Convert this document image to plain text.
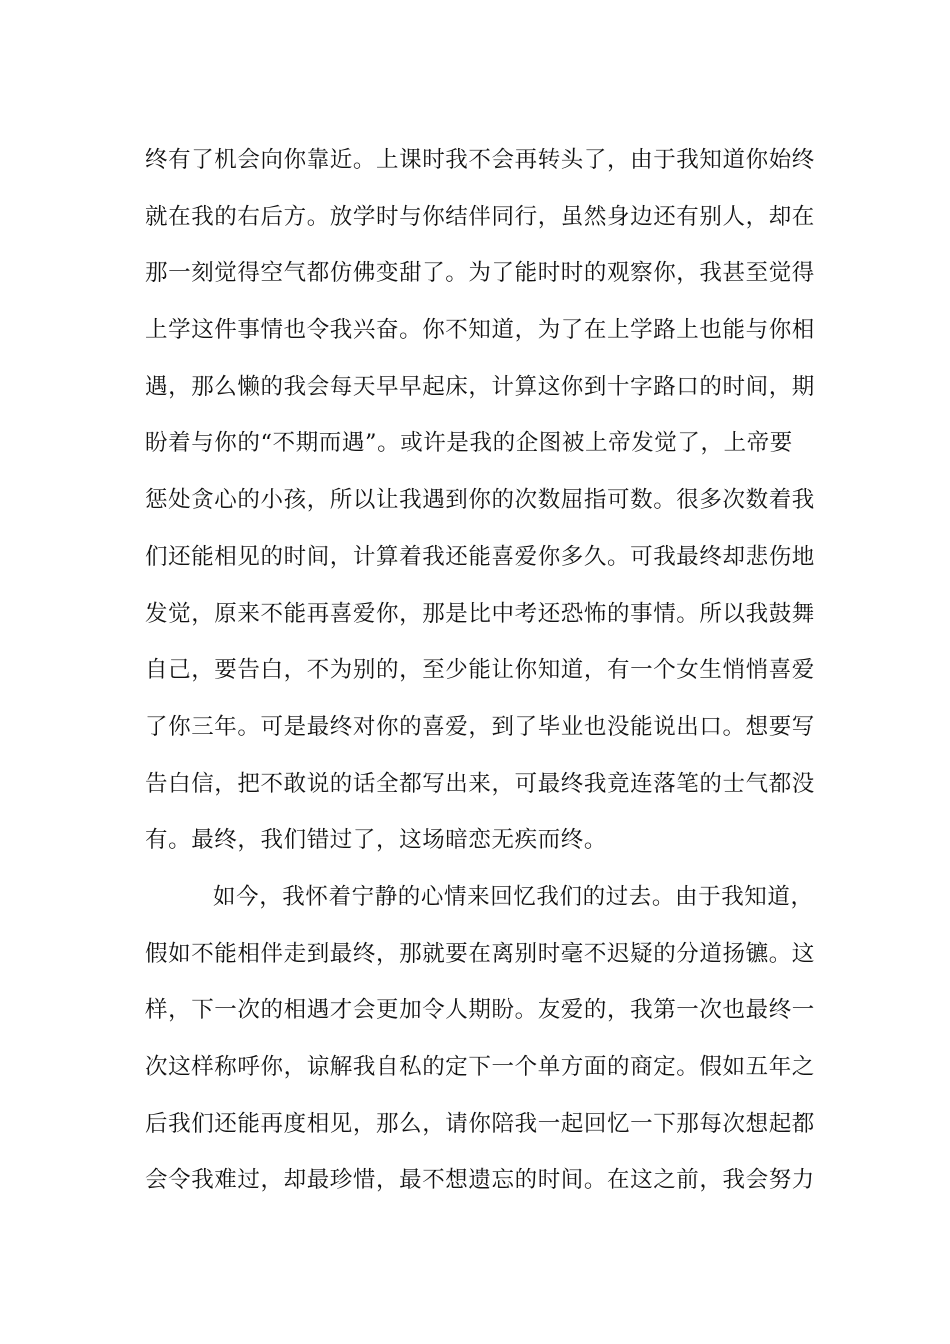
终有了机会向你靠近。上课时我不会再转头了，由于我知道你始终
就在我的右后方。放学时与你结伴同行，虽然身边还有别人，却在
那一刻觉得空气都仿佛变甜了。为了能时时的观察你，我甚至觉得
上学这件事情也令我兴奋。你不知道，为了在上学路上也能与你相
遇，那么懒的我会每天早早起床，计算这你到十字路口的时间，期
盼着与你的“不期而遇”。或许是我的企图被上帝发觉了，上帝要
惩处贪心的小孩，所以让我遇到你的次数屈指可数。很多次数着我
们还能相见的时间，计算着我还能喜爱你多久。可我最终却悲伤地
发觉，原来不能再喜爱你，那是比中考还恐怖的事情。所以我鼓舞
自己，要告白，不为别的，至少能让你知道，有一个女生悄悄喜爱
了你三年。可是最终对你的喜爱，到了毕业也没能说出口。想要写
告白信，把不敢说的话全都写出来，可最终我竟连落笔的士气都没
有。最终，我们错过了，这场暗恋无疾而终。
如今，我怀着宁静的心情来回忆我们的过去。由于我知道，
假如不能相伴走到最终，那就要在离别时毫不迟疑的分道扬镳。这
样，下一次的相遇才会更加令人期盼。友爱的，我第一次也最终一
次这样称呼你，谅解我自私的定下一个单方面的商定。假如五年之
后我们还能再度相见，那么，请你陪我一起回忆一下那每次想起都
会令我难过，却最珍惜，最不想遗忘的时间。在这之前，我会努力
